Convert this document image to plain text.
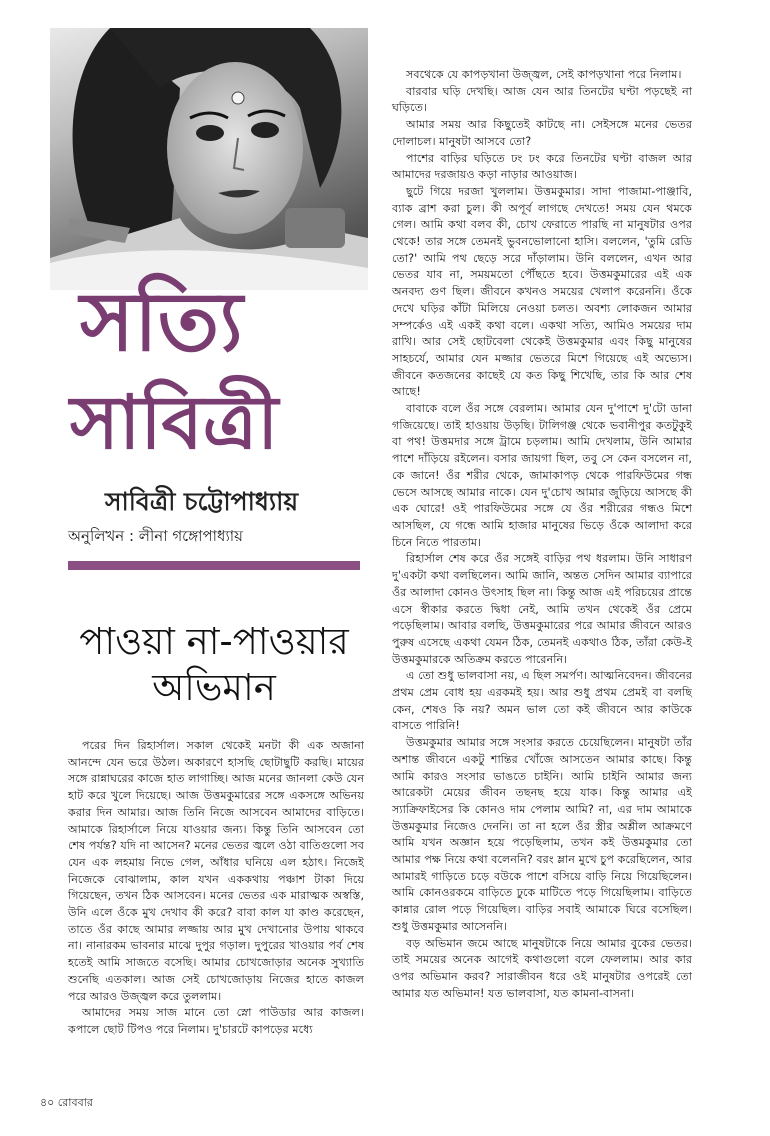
সত্যি
সাবিত্রী
সাবিত্রী চট্টোপাধ্যায়
অনুলিখন : লীনা গঙ্গোপাধ্যায়
পাওয়া না-পাওয়ার
অভিমান

পরের দিন রিহার্সাল। সকাল থেকেই মনটা কী এক অজানা আনন্দে যেন ভরে উঠল। অকারণে হাসছি ছোটাছুটি করছি। মায়ের সঙ্গে রান্নাঘরের কাজে হাত লাগাচ্ছি। আজ মনের জানলা কেউ যেন হাট করে খুলে দিয়েছে। আজ উত্তমকুমারের সঙ্গে একসঙ্গে অভিনয় করার দিন আমার। আজ তিনি নিজে আসবেন আমাদের বাড়িতে। আমাকে রিহার্সালে নিয়ে যাওয়ার জন্য। কিন্তু তিনি আসবেন তো শেষ পর্যন্ত? যদি না আসেন? মনের ভেতর জ্বলে ওঠা বাতিগুলো সব যেন এক লহমায় নিভে গেল, আঁধার ঘনিয়ে এল হঠাৎ। নিজেই নিজেকে বোঝালাম, কাল যখন এককথায় পঞ্চাশ টাকা দিয়ে গিয়েছেন, তখন ঠিক আসবেন। মনের ভেতর এক মারাত্মক অস্বস্তি, উনি এলে ওঁকে মুখ দেখাব কী করে? বাবা কাল যা কাণ্ড করেছেন, তাতে ওঁর কাছে আমার লজ্জায় আর মুখ দেখানোর উপায় থাকবে না। নানারকম ভাবনার মাঝে দুপুর গড়াল। দুপুরের খাওয়ার পর্ব শেষ হতেই আমি সাজতে বসেছি। আমার চোখজোড়ার অনেক সুখ্যাতি শুনেছি এতকাল। আজ সেই চোখজোড়ায় নিজের হাতে কাজল পরে আরও উজ্জ্বল করে তুললাম।

আমাদের সময় সাজ মানে তো স্নো পাউডার আর কাজল। কপালে ছোট টিপও পরে নিলাম। দু'চারটে কাপড়ের মধ্যে

সবথেকে যে কাপড়খানা উজ্জ্বল, সেই কাপড়খানা পরে নিলাম।

বারবার ঘড়ি দেখছি। আজ যেন আর তিনটের ঘণ্টা পড়ছেই না ঘড়িতে।

আমার সময় আর কিছুতেই কাটছে না। সেইসঙ্গে মনের ভেতর দোলাচল। মানুষটা আসবে তো?

পাশের বাড়ির ঘড়িতে ঢং ঢং করে তিনটের ঘণ্টা বাজল আর আমাদের দরজায়ও কড়া নাড়ার আওয়াজ।

ছুটে গিয়ে দরজা খুললাম। উত্তমকুমার। সাদা পাজামা-পাঞ্জাবি, ব্যাক ব্রাশ করা চুল। কী অপূর্ব লাগছে দেখতে! সময় যেন থমকে গেল। আমি কথা বলব কী, চোখ ফেরাতে পারছি না মানুষটার ওপর থেকে! তার সঙ্গে তেমনই ভুবনভোলানো হাসি। বললেন, 'তুমি রেডি তো?' আমি পথ ছেড়ে সরে দাঁড়ালাম। উনি বললেন, এখন আর ভেতর যাব না, সময়মতো পৌঁছতে হবে। উত্তমকুমারের এই এক অনবদ্য গুণ ছিল। জীবনে কখনও সময়ের খেলাপ করেননি। ওঁকে দেখে ঘড়ির কাঁটা মিলিয়ে নেওয়া চলত। অবশ্য লোকজন আমার সম্পর্কেও এই একই কথা বলে। একথা সত্যি, আমিও সময়ের দাম রাখি। আর সেই ছোটবেলা থেকেই উত্তমকুমার এবং কিছু মানুষের সাহচর্যে, আমার যেন মজ্জার ভেতরে মিশে গিয়েছে এই অভ্যেস। জীবনে কতজনের কাছেই যে কত কিছু শিখেছি, তার কি আর শেষ আছে!

বাবাকে বলে ওঁর সঙ্গে বেরলাম। আমার যেন দু'পাশে দু'টো ডানা গজিয়েছে। তাই হাওয়ায় উড়ছি। টালিগঞ্জ থেকে ভবানীপুর কতটুকুই বা পথ! উত্তমদার সঙ্গে ট্রামে চড়লাম। আমি দেখলাম, উনি আমার পাশে দাঁড়িয়ে রইলেন। বসার জায়গা ছিল, তবু সে কেন বসলেন না, কে জানে! ওঁর শরীর থেকে, জামাকাপড় থেকে পারফিউমের গন্ধ ভেসে আসছে আমার নাকে। যেন দু'চোখ আমার জুড়িয়ে আসছে কী এক ঘোরে! ওই পারফিউমের সঙ্গে যে ওঁর শরীরের গন্ধও মিশে আসছিল, যে গন্ধে আমি হাজার মানুষের ভিড়ে ওঁকে আলাদা করে চিনে নিতে পারতাম।

রিহার্সাল শেষ করে ওঁর সঙ্গেই বাড়ির পথ ধরলাম। উনি সাধারণ দু'একটা কথা বলছিলেন। আমি জানি, অন্তত সেদিন আমার ব্যাপারে ওঁর আলাদা কোনও উৎসাহ ছিল না। কিন্তু আজ এই পরিচয়ের প্রান্তে এসে স্বীকার করতে দ্বিধা নেই, আমি তখন থেকেই ওঁর প্রেমে পড়েছিলাম। আবার বলছি, উত্তমকুমারের পরে আমার জীবনে আরও পুরুষ এসেছে একথা যেমন ঠিক, তেমনই একথাও ঠিক, তাঁরা কেউ-ই উত্তমকুমারকে অতিক্রম করতে পারেননি।

এ তো শুধু ভালবাসা নয়, এ ছিল সমর্পণ। আত্মনিবেদন। জীবনের প্রথম প্রেম বোধ হয় এরকমই হয়। আর শুধু প্রথম প্রেমই বা বলছি কেন, শেষও কি নয়? অমন ভাল তো কই জীবনে আর কাউকে বাসতে পারিনি!

উত্তমকুমার আমার সঙ্গে সংসার করতে চেয়েছিলেন। মানুষটা তাঁর অশান্ত জীবনে একটু শান্তির খোঁজে আসতেন আমার কাছে। কিন্তু আমি কারও সংসার ভাঙতে চাইনি। আমি চাইনি আমার জন্য আরেকটা মেয়ের জীবন তছনছ হয়ে যাক। কিন্তু আমার এই স্যাক্রিফাইসের কি কোনও দাম পেলাম আমি? না, এর দাম আমাকে উত্তমকুমার নিজেও দেননি। তা না হলে ওঁর স্ত্রীর অশ্লীল আক্রমণে আমি যখন অজ্ঞান হয়ে পড়েছিলাম, তখন কই উত্তমকুমার তো আমার পক্ষ নিয়ে কথা বলেননি? বরং ম্লান মুখে চুপ করেছিলেন, আর আমারই গাড়িতে চড়ে বউকে পাশে বসিয়ে বাড়ি নিয়ে গিয়েছিলেন। আমি কোনওরকমে বাড়িতে ঢুকে মাটিতে পড়ে গিয়েছিলাম। বাড়িতে কান্নার রোল পড়ে গিয়েছিল। বাড়ির সবাই আমাকে ঘিরে বসেছিল। শুধু উত্তমকুমার আসেননি।

বড় অভিমান জমে আছে মানুষটাকে নিয়ে আমার বুকের ভেতর। তাই সময়ের অনেক আগেই কথাগুলো বলে ফেললাম। আর কার ওপর অভিমান করব? সারাজীবন ধরে ওই মানুষটার ওপরেই তো আমার যত অভিমান! যত ভালবাসা, যত কামনা-বাসনা।

৪০ রোববার
